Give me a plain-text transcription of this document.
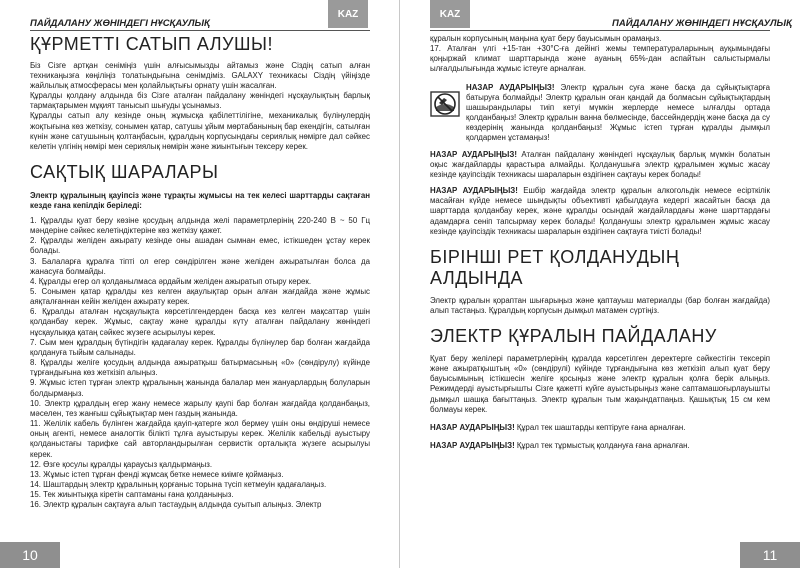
ПАЙДАЛАНУ ЖӨНІНДЕГІ НҰСҚАУЛЫҚ
KAZ
ҚҰРМЕТТІ САТЫП АЛУШЫ!

Біз Сізге артқан сеніміңіз үшін алғысымызды айтамыз және Сіздің сатып алған техникаңызға көңіліңіз толатындығына сенімдіміз. GALAXY техникасы Сіздің үйіңізде жайлылық атмосферасы мен қолайлықтығы орнату үшін жасалған.

Құралды қолдану алдында біз Сізге аталған пайдалану жөніндегі нұсқаулықтың барлық тармақтарымен мұқият танысып шығуды ұсынамыз.

Құралды сатып алу кезінде оның жұмысқа қабілеттілігіне, механикалық бүлінулердің жоқтығына көз жеткізу, сонымен қатар, сатушы ұйым мөртабанының бар екендігін, сатылған күнін және сатушының қолтаңбасын, құралдың корпусындағы сериялық нөмірге дал сәйкес келетін үлгінің нөмірі мен сериялық нөмірін және жиынтығын тексеру керек.

САҚТЫҚ ШАРАЛАРЫ

Электр құралының қауіпсіз және тұрақты жұмысы на тек келесі шарттарды сақтаған кезде ғана кепілдік беріледі:

1. Құралды қуат беру көзіне қосудың алдында желі параметрлерінің 220-240 В ~ 50 Гц мәндеріне сәйкес келетіндіктеріне көз жеткізу қажет.

2. Құралды желіден ажырату кезінде оны ашадан сымнан емес, істікшеден ұстау керек болады.

3. Балаларға құралға тіпті ол егер сөндірілген және желіден ажыратылған болса да жанасуға болмайды.

4. Құралды егер ол қолданылмаса әрдайым желіден ажыратып отыру керек.

5. Сонымен қатар құралды кез келген ақаулықтар орын алған жағдайда және жұмыс аяқталғаннан кейін желіден ажырату керек.

6. Құралды аталған нұсқаулықта көрсетілгендерден басқа кез келген мақсаттар үшін қолданбау керек. Жұмыс, сақтау және құралды күту аталған пайдалану жөніндегі нұсқаулыққа қатаң сәйкес жүзеге асырылуы керек.

7. Сым мен құралдың бүтіндігін қадағалау керек. Құралды бүлінулер бар болған жағдайда қолдануға тыйым салынады.

8. Құралды желіге қосудың алдында ажыратқыш батырмасының «0» (сөндірулу) күйінде тұрғандығына көз жеткізіп алыңыз.

9. Жұмыс істеп тұрған электр құралының жанында балалар мен жануарлардың болуларын болдырмаңыз.

10. Электр құралдың егер жану немесе жарылу қаупі бар болған жағдайда қолданбаңыз, мәселен, тез жанғыш сұйықтықтар мен газдың жанында.

11. Желілік кабель бүлінген жағдайда қауіп-қатерге жол бермеу үшін оны өндіруші немесе оның агенті, немесе аналогтік білікті тұлға ауыстыруы керек. Желілік кабельді ауыстыру қолданыстағы тарифке сай авторландырылған сервистік орталықта жүзеге асырылуы керек.

12. Өзге қосулы құралды қараусыз қалдырмаңыз.

13. Жұмыс істеп тұрған фенді жұмсақ бетке немесе киімге қоймаңыз.

14. Шаштардың электр құралының қорғаныс торына түсіп кетмеуін қадағалаңыз.

15. Тек жиынтыққа кіретін саптаманы ғана қолданыңыз.

16. Электр құралын сақтауға алып тастаудың алдында суытып алыңыз. Электр

10
KAZ
ПАЙДАЛАНУ ЖӨНІНДЕГІ НҰСҚАУЛЫҚ

құралын корпусының маңына қуат беру бауысымын орамаңыз.

17. Аталған үлгі +15-тан +30°С-ға дейінгі жемы температураларының ауқымындағы қоңыржай климат шарттарында және ауаның 65%-дан аспайтын салыстырмалы ылғалдылығында жұмыс істеуге арналған.

НАЗАР АУДАРЫҢЫЗ! Электр құралын суға және басқа да сұйықтықтарға батыруға болмайды! Электр құралын оған қандай да болмасын сұйықтықтардың шашырандылары тиіп кетуі мүмкін жерлерде немесе ылғалды ортада қолданбаңыз! Электр құралын ванна бөлмесінде, бассейндердің және басқа да су көздерінің жанында қолданбаңыз! Жұмыс істеп тұрған құралды дымқыл қолдармен ұстамаңыз!

НАЗАР АУДАРЫҢЫЗ! Аталған пайдалану жөніндегі нұсқаулық барлық мүмкін болатын оқыс жағдайларды қарастыра алмайды. Қолданушыға электр құралымен жұмыс жасау кезінде қауіпсіздік техникасы шараларын өздігінен сақтауы керек болады!

НАЗАР АУДАРЫҢЫЗ! Ешбір жағдайда электр құралын алкогольдік немесе есірткілік масайған күйде немесе шындықты объективті қабылдауға кедергі жасайтын басқа да шарттарда қолданбау керек, және құралды осындай жағдайлардағы және шарттардағы адамдарға сеніп тапсырмау керек болады! Қолданушы электр құралымен жұмыс жасау кезінде қауіпсіздік техникасы шараларын өздігінен сақтауға тиісті болады!

БІРІНШІ РЕТ ҚОЛДАНУДЫҢ АЛДЫНДА

Электр құралын қораптан шығарыңыз және қаптауыш материалды (бар болған жағдайда) алып тастаңыз. Құралдың корпусын дымқыл матамен сүртіңіз.

ЭЛЕКТР ҚҰРАЛЫН ПАЙДАЛАНУ

Қуат беру желілері параметрлерінің құралда көрсетілген деректерге сәйкестігін тексеріп және ажыратқыштың «0» (сөндірулі) күйінде тұрғандығына көз жеткізіп алып қуат беру бауысымының істікшесін желіге қосыңыз және электр құралын қолға берік алыңыз. Режимдерді ауыстырғышты Сізге қажетті күйге ауыстырыңыз және саптамашоғырлауышты дымқыл шашқа бағыттаңыз. Электр құралын тым жақындатпаңыз. Қашықтық 15 см кем болмауы керек.

НАЗАР АУДАРЫҢЫЗ! Құрал тек шаштарды кептіруге ғана арналған.

НАЗАР АУДАРЫҢЫЗ! Құрал тек тұрмыстық қолдануға ғана арналған.

11
